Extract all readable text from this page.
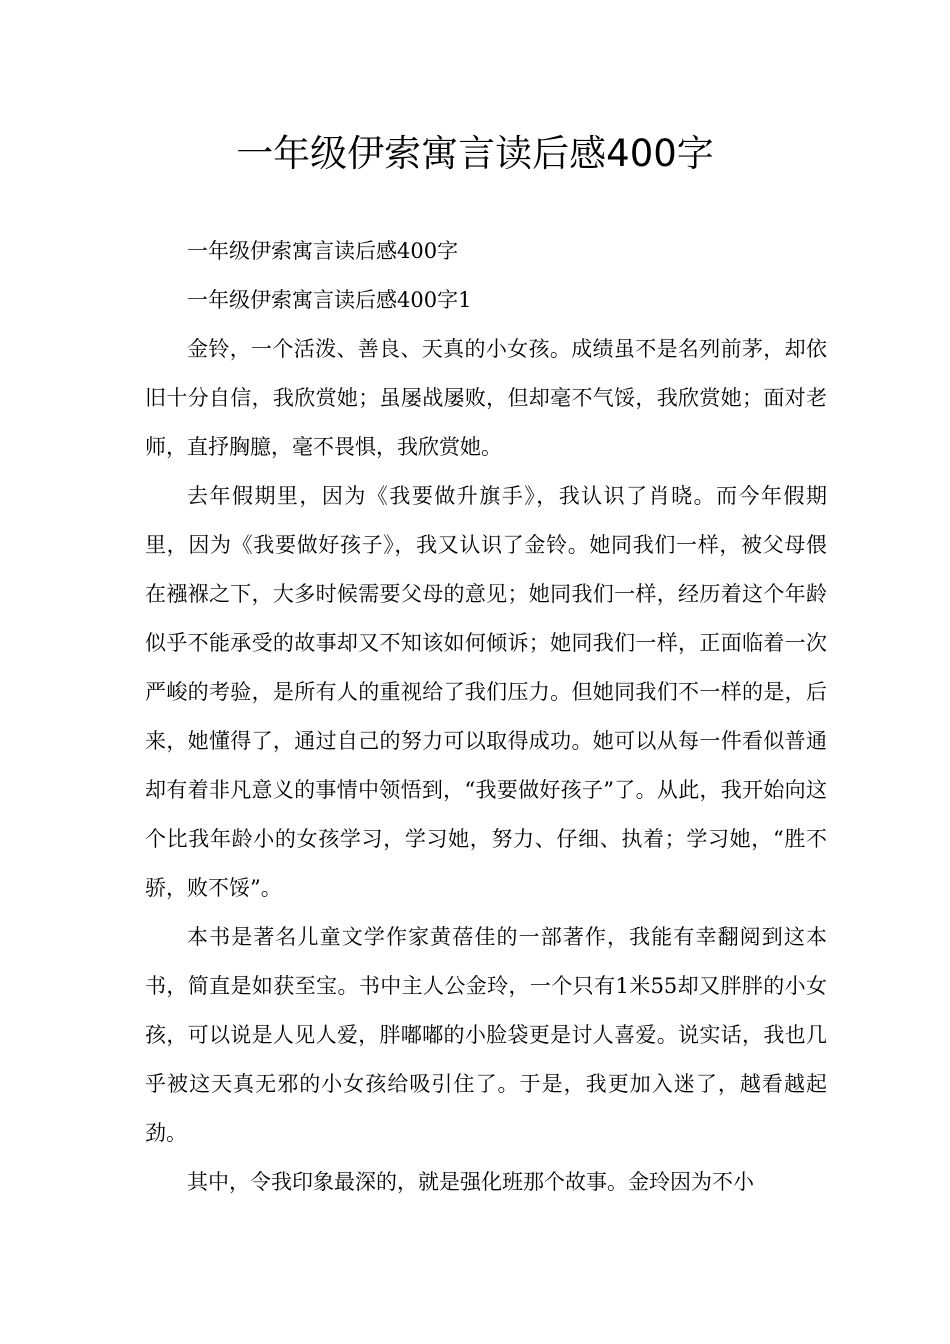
一年级伊索寓言读后感400字

一年级伊索寓言读后感400字

一年级伊索寓言读后感400字1

金铃，一个活泼、善良、天真的小女孩。成绩虽不是名列前茅，却依旧十分自信，我欣赏她；虽屡战屡败，但却毫不气馁，我欣赏她；面对老师，直抒胸臆，毫不畏惧，我欣赏她。

去年假期里，因为《我要做升旗手》，我认识了肖晓。而今年假期里，因为《我要做好孩子》，我又认识了金铃。她同我们一样，被父母偎在襁褓之下，大多时候需要父母的意见；她同我们一样，经历着这个年龄似乎不能承受的故事却又不知该如何倾诉；她同我们一样，正面临着一次严峻的考验，是所有人的重视给了我们压力。但她同我们不一样的是，后来，她懂得了，通过自己的努力可以取得成功。她可以从每一件看似普通却有着非凡意义的事情中领悟到，“我要做好孩子”了。从此，我开始向这个比我年龄小的女孩学习，学习她，努力、仔细、执着；学习她，“胜不骄，败不馁”。

本书是著名儿童文学作家黄蓓佳的一部著作，我能有幸翻阅到这本书，简直是如获至宝。书中主人公金玲，一个只有1米55却又胖胖的小女孩，可以说是人见人爱，胖嘟嘟的小脸袋更是讨人喜爱。说实话，我也几乎被这天真无邪的小女孩给吸引住了。于是，我更加入迷了，越看越起劲。

其中，令我印象最深的，就是强化班那个故事。金玲因为不小
